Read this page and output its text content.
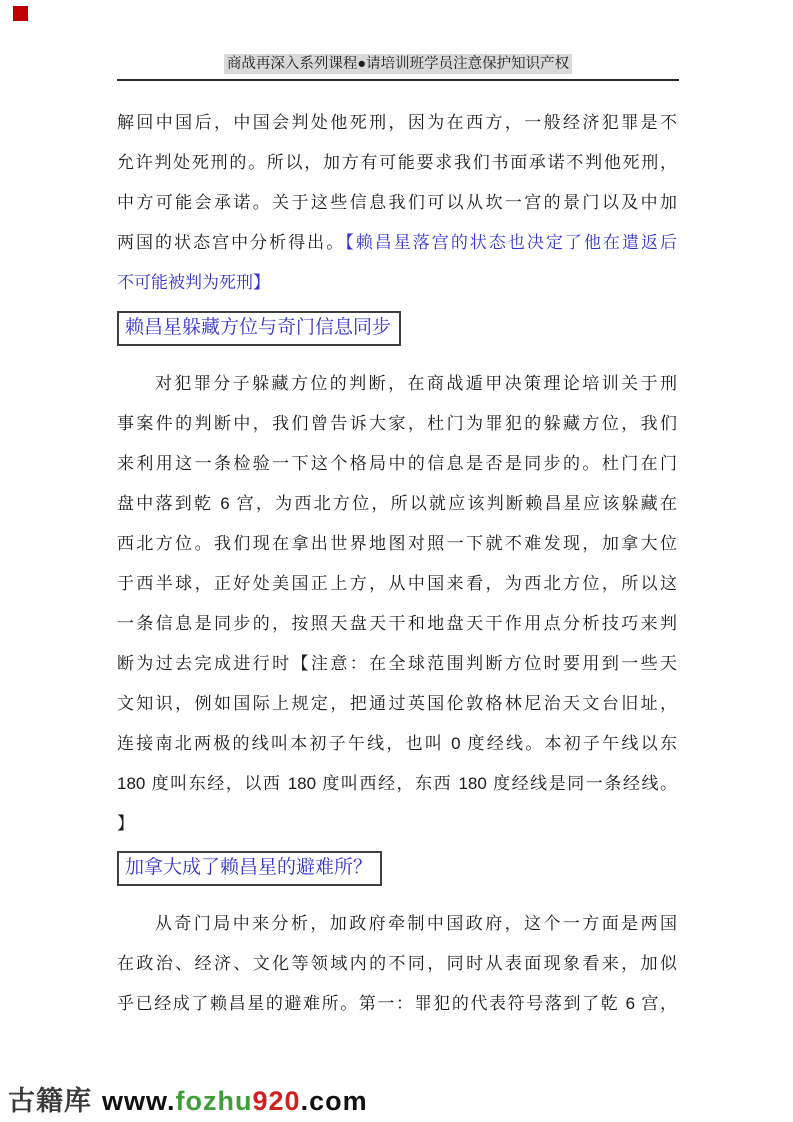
商战再深入系列课程●请培训班学员注意保护知识产权
解回中国后，中国会判处他死刑，因为在西方，一般经济犯罪是不
允许判处死刑的。所以，加方有可能要求我们书面承诺不判他死刑，
中方可能会承诺。关于这些信息我们可以从坎一宫的景门以及中加
两国的状态宫中分析得出。【赖昌星落宫的状态也决定了他在遣返后
不可能被判为死刑】
赖昌星躲藏方位与奇门信息同步
对犯罪分子躲藏方位的判断，在商战遁甲决策理论培训关于刑
事案件的判断中，我们曾告诉大家，杜门为罪犯的躲藏方位，我们
来利用这一条检验一下这个格局中的信息是否是同步的。杜门在门
盘中落到乾 6 宫，为西北方位，所以就应该判断赖昌星应该躲藏在
西北方位。我们现在拿出世界地图对照一下就不难发现，加拿大位
于西半球，正好处美国正上方，从中国来看，为西北方位，所以这
一条信息是同步的，按照天盘天干和地盘天干作用点分析技巧来判
断为过去完成进行时【注意：在全球范围判断方位时要用到一些天
文知识，例如国际上规定，把通过英国伦敦格林尼治天文台旧址，
连接南北两极的线叫本初子午线，也叫 0 度经线。本初子午线以东
180 度叫东经，以西 180 度叫西经，东西 180 度经线是同一条经线。
】
加拿大成了赖昌星的避难所？
从奇门局中来分析，加政府牵制中国政府，这个一方面是两国
在政治、经济、文化等领域内的不同，同时从表面现象看来，加似
乎已经成了赖昌星的避难所。第一：罪犯的代表符号落到了乾 6 宫，
古籍库 www.fozhu920.com
